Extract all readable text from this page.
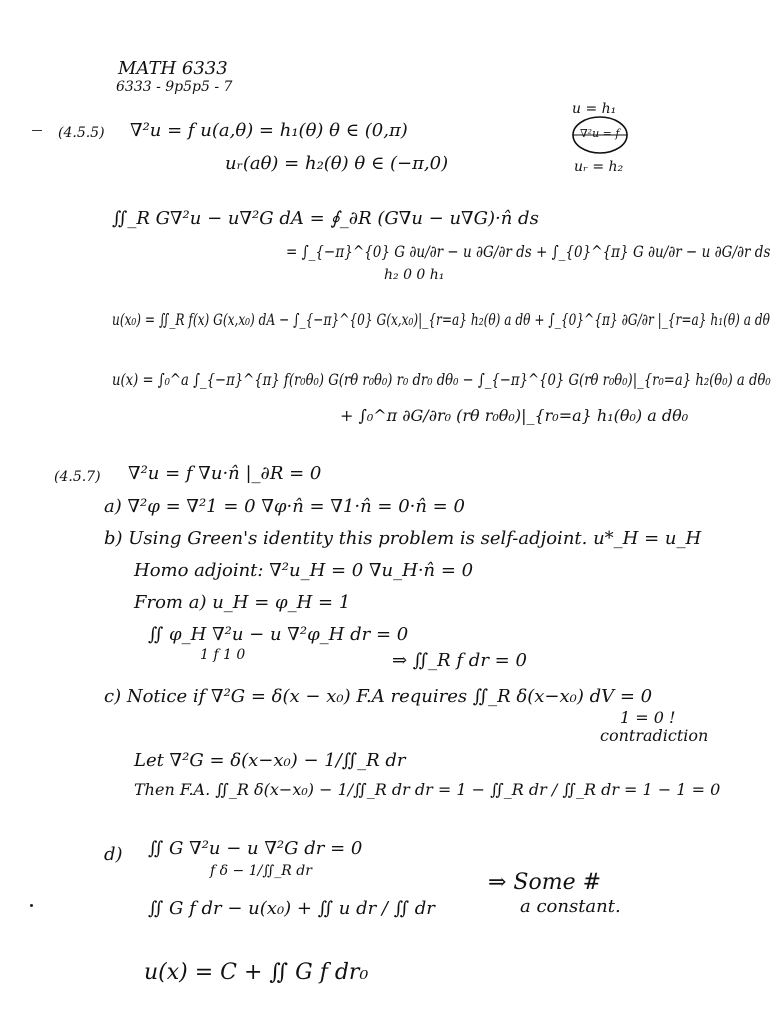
MATH 6333
6333 - 9p5p5 - 7
(4.5.5) ∇²u = f u(a,θ) = h₁(θ) θ ∈ (0,π)
uᵣ(aθ) = h₂(θ) θ ∈ (−π,0)
u = h₁
∇²u = f
uᵣ = h₂
∬_R G∇²u − u∇²G dA = ∮_∂R (G∇u − u∇G)·n̂ ds
= ∫_{−π}^{0} G ∂u/∂r − u ∂G/∂r ds + ∫_{0}^{π} G ∂u/∂r − u ∂G/∂r ds
h₂ 0 0 h₁
u(x₀) = ∬_R f(x) G(x,x₀) dA − ∫_{−π}^{0} G(x,x₀)|_{r=a} h₂(θ) a dθ + ∫_{0}^{π} ∂G/∂r |_{r=a} h₁(θ) a dθ
u(x) = ∫₀^a ∫_{−π}^{π} f(r₀θ₀) G(rθ r₀θ₀) r₀ dr₀ dθ₀ − ∫_{−π}^{0} G(rθ r₀θ₀)|_{r₀=a} h₂(θ₀) a dθ₀
+ ∫₀^π ∂G/∂r₀ (rθ r₀θ₀)|_{r₀=a} h₁(θ₀) a dθ₀
(4.5.7) ∇²u = f ∇u·n̂ |_∂R = 0
a) ∇²φ = ∇²1 = 0 ∇φ·n̂ = ∇1·n̂ = 0·n̂ = 0
b) Using Green's identity this problem is self-adjoint. u*_H = u_H
Homo adjoint: ∇²u_H = 0 ∇u_H·n̂ = 0
From a) u_H = φ_H = 1
∬ φ_H ∇²u − u ∇²φ_H dr = 0
1 f 1 0	⇒ ∬_R f dr = 0
c) Notice if ∇²G = δ(x − x₀) F.A requires ∬_R δ(x−x₀) dV = 0
1 = 0 !
contradiction
Let ∇²G = δ(x−x₀) − 1/∬_R dr
Then F.A. ∬_R δ(x−x₀) − 1/∬_R dr dr = 1 − ∬_R dr / ∬_R dr = 1 − 1 = 0
d) ∬ G ∇²u − u ∇²G dr = 0
f δ − 1/∬_R dr
∬ G f dr − u(x₀) + ∬ u dr / ∬ dr
⇒ Some #
a constant.
u(x) = C + ∬ G f dr₀
